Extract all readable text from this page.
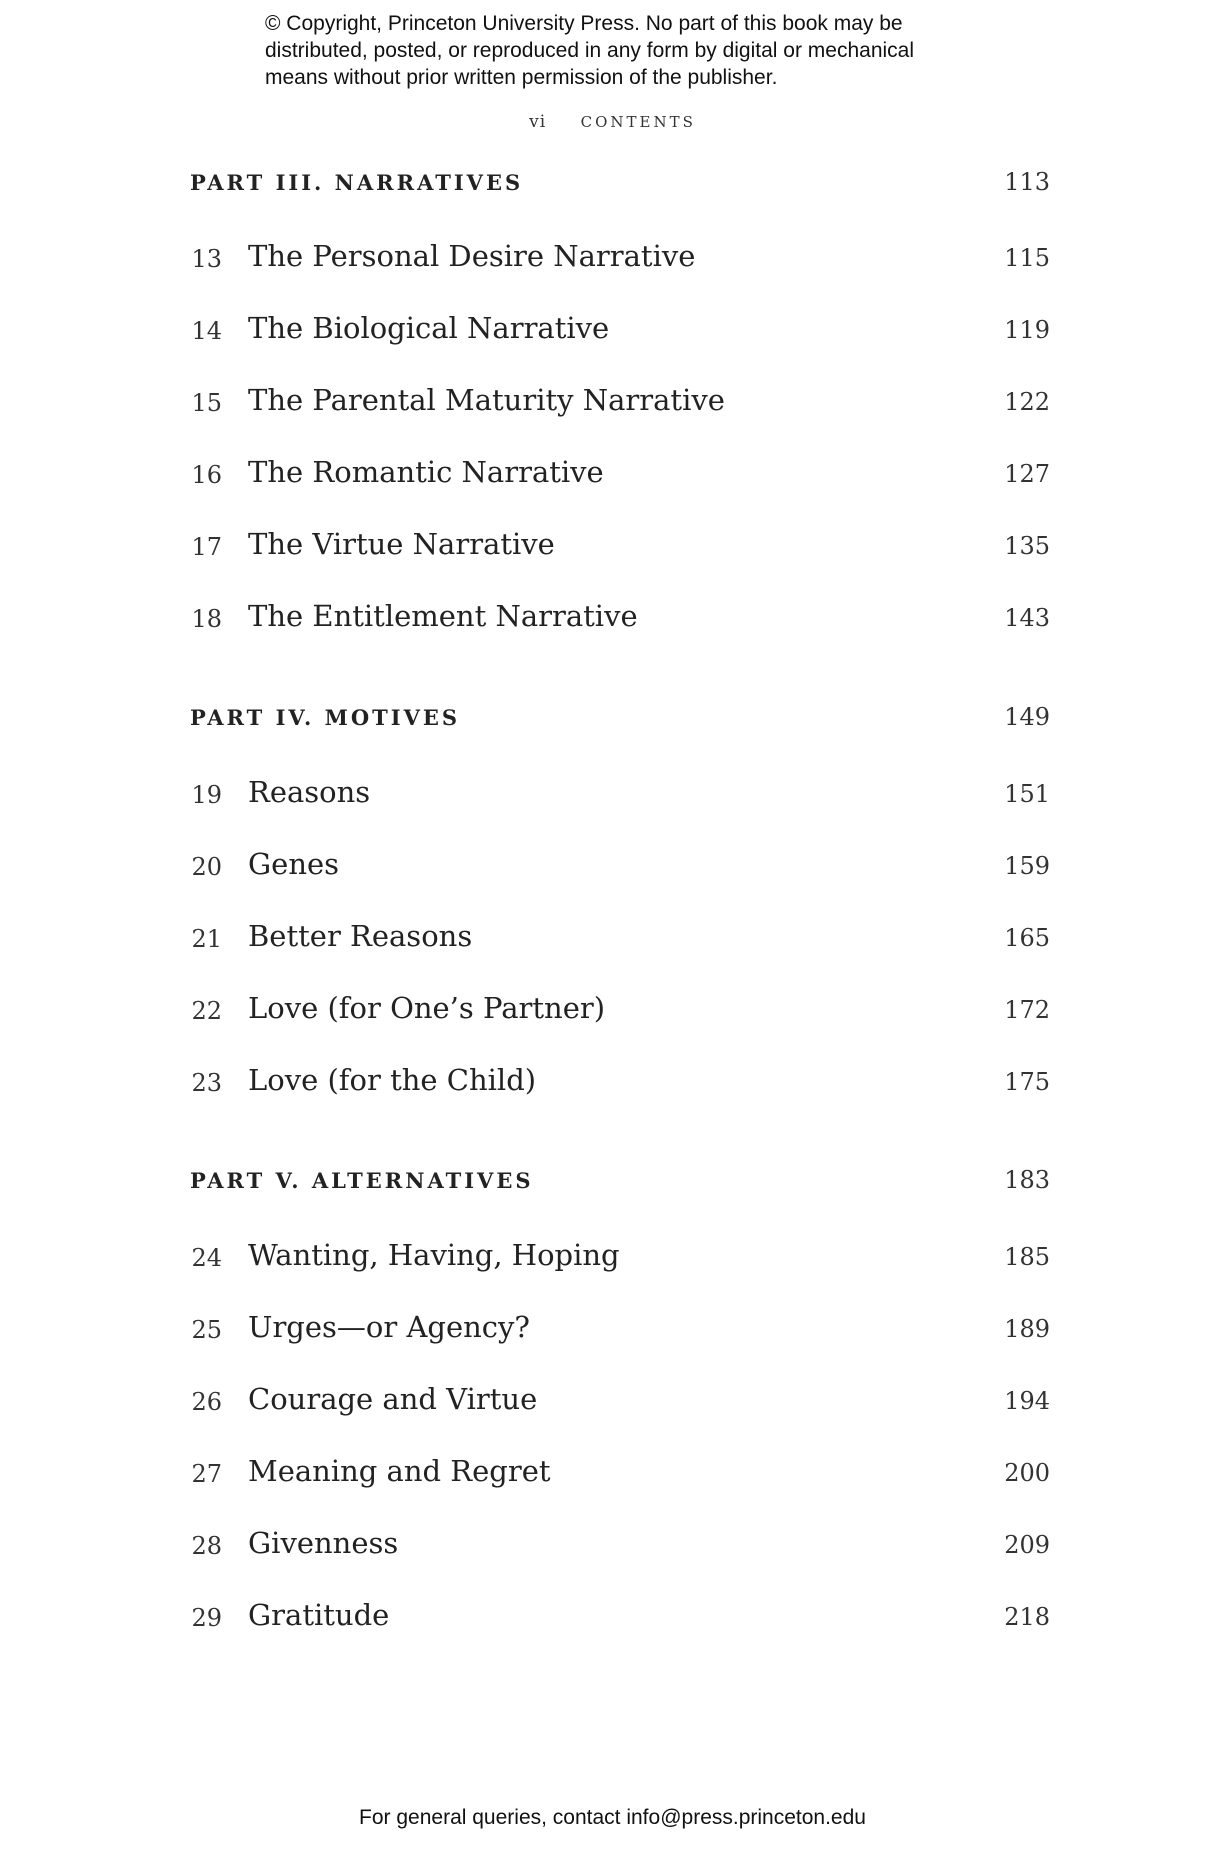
© Copyright, Princeton University Press. No part of this book may be
distributed, posted, or reproduced in any form by digital or mechanical
means without prior written permission of the publisher.
vi CONTENTS
PART III. NARRATIVES	113
13 The Personal Desire Narrative	115
14 The Biological Narrative	119
15 The Parental Maturity Narrative	122
16 The Romantic Narrative	127
17 The Virtue Narrative	135
18 The Entitlement Narrative	143
PART IV. MOTIVES	149
19 Reasons	151
20 Genes	159
21 Better Reasons	165
22 Love (for One’s Partner)	172
23 Love (for the Child)	175
PART V. ALTERNATIVES	183
24 Wanting, Having, Hoping	185
25 Urges—or Agency?	189
26 Courage and Virtue	194
27 Meaning and Regret	200
28 Givenness	209
29 Gratitude	218
For general queries, contact info@press.princeton.edu
